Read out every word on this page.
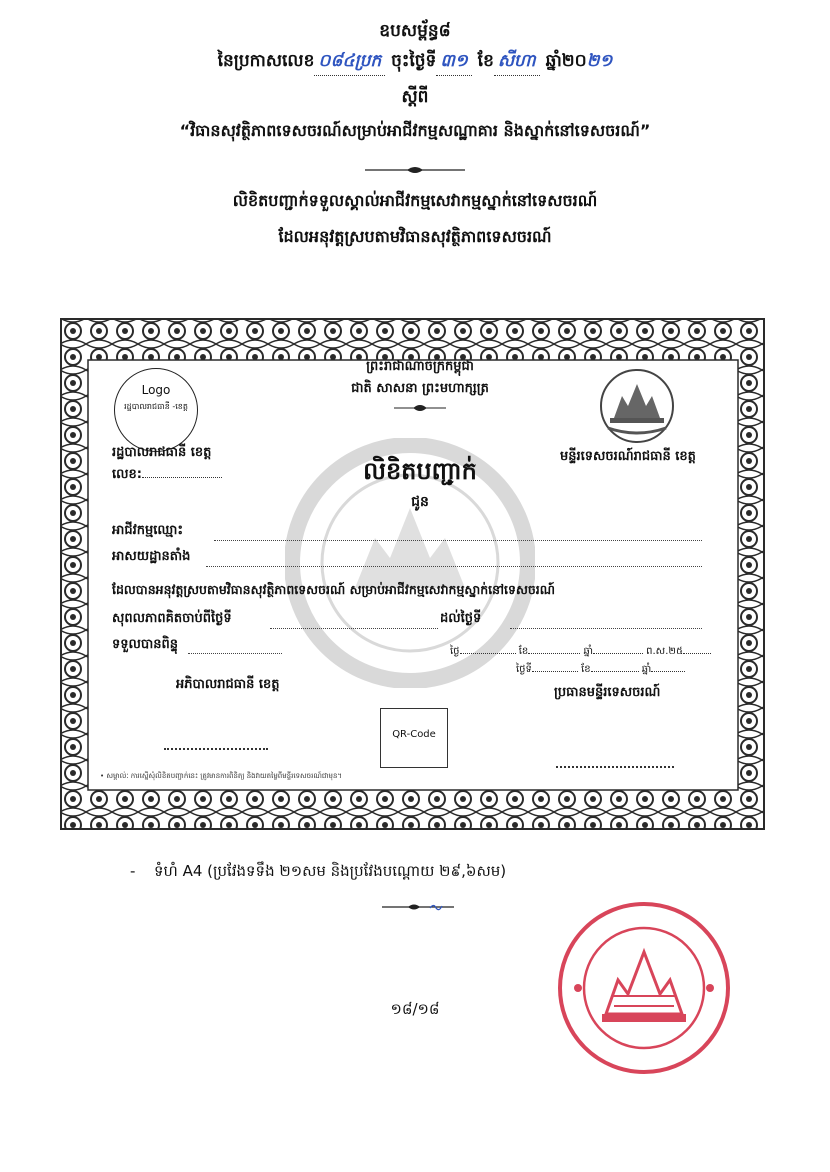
ឧបសម្ព័ន្ធ៨
នៃប្រកាសលេខ ០៨៤ប្រក ចុះថ្ងៃទី ៣១ ខែ សីហា ឆ្នាំ២០២១
ស្ដីពី
“វិធានសុវត្ថិភាពទេសចរណ៍សម្រាប់អាជីវកម្មសណ្ឋាគារ និងស្នាក់នៅទេសចរណ៍”
លិខិតបញ្ជាក់ទទួលស្គាល់អាជីវកម្មសេវាកម្មស្នាក់នៅទេសចរណ៍
ដែលអនុវត្តស្របតាមវិធានសុវត្ថិភាពទេសចរណ៍
Logo
រដ្ឋបាលរាជធានី -ខេត្ត
ព្រះរាជាណាចក្រកម្ពុជា
ជាតិ សាសនា ព្រះមហាក្សត្រ
រដ្ឋបាលរាជធានី ខេត្ត
លេខ:
មន្ទីរទេសចរណ៍រាជធានី ខេត្ត
លិខិតបញ្ជាក់
ជូន
អាជីវកម្មឈ្មោះ
អាសយដ្ឋានតាំង
ដែលបានអនុវត្តស្របតាមវិធានសុវត្ថិភាពទេសចរណ៍ សម្រាប់អាជីវកម្មសេវាកម្មស្នាក់នៅទេសចរណ៍
សុពលភាពគិតចាប់ពីថ្ងៃទី	ដល់ថ្ងៃទី
ទទួលបានពិន្ទុ	ថ្ងៃ	ខែ	ឆ្នាំ	ព.ស.២៥
ថ្ងៃទី	ខែ	ឆ្នាំ
អភិបាលរាជធានី ខេត្ត
ប្រធានមន្ទីរទេសចរណ៍
QR-Code
• សម្គាល់ៈ ការស្នើសុំលិខិតបញ្ជាក់នេះ ត្រូវមានការពិនិត្យ និងវាយតម្លៃពីមន្ទីរទេសចរណ៍ជាមុន។
- ទំហំ A4 (ប្រវែងទទឹង ២១សម និងប្រវែងបណ្ដោយ ២៩,៦សម)
១៨/១៨
